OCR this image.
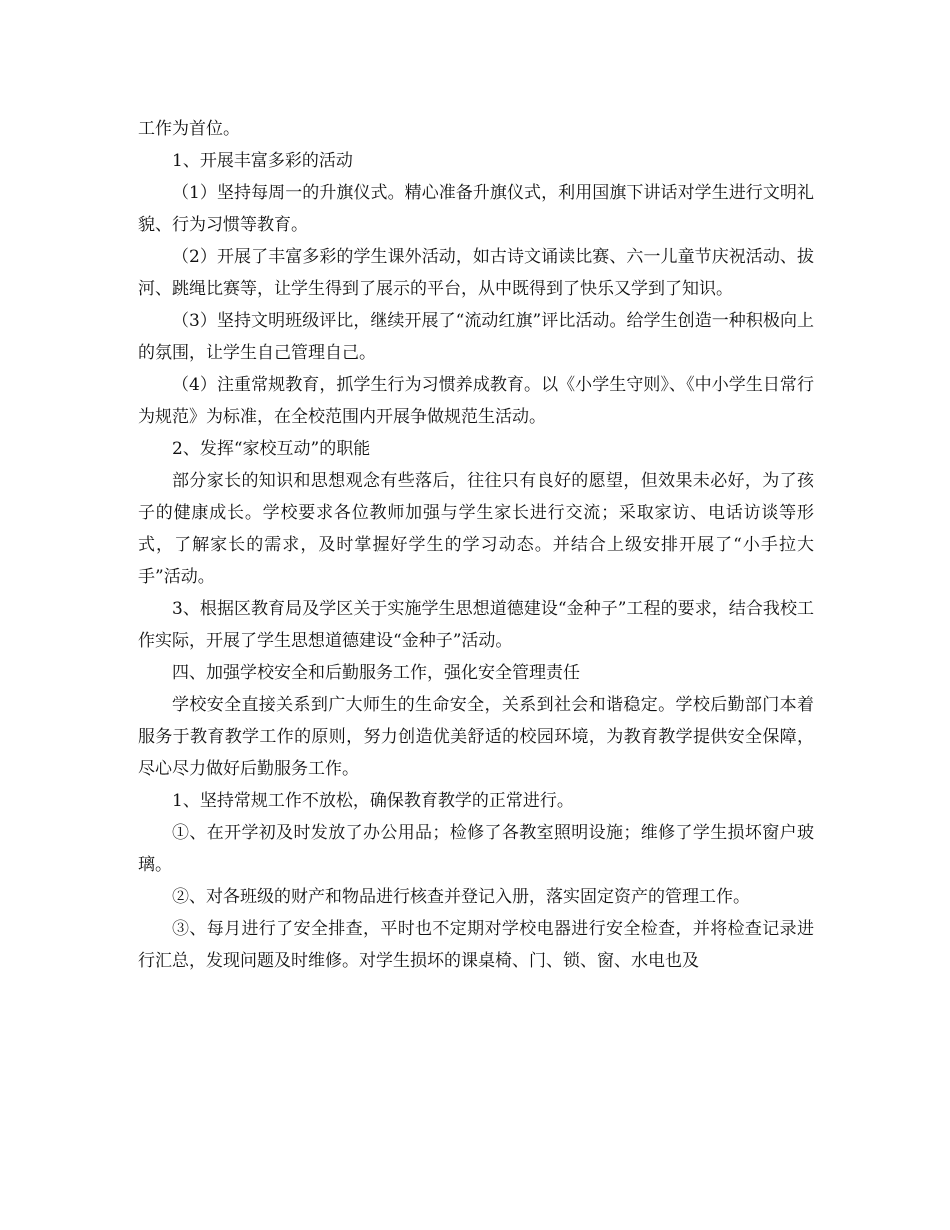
工作为首位。

1、开展丰富多彩的活动

（1）坚持每周一的升旗仪式。精心准备升旗仪式，利用国旗下讲话对学生进行文明礼貌、行为习惯等教育。

（2）开展了丰富多彩的学生课外活动，如古诗文诵读比赛、六一儿童节庆祝活动、拔河、跳绳比赛等，让学生得到了展示的平台，从中既得到了快乐又学到了知识。

（3）坚持文明班级评比，继续开展了“流动红旗”评比活动。给学生创造一种积极向上的氛围，让学生自己管理自己。

（4）注重常规教育，抓学生行为习惯养成教育。以《小学生守则》、《中小学生日常行为规范》为标准，在全校范围内开展争做规范生活动。

2、发挥“家校互动”的职能

部分家长的知识和思想观念有些落后，往往只有良好的愿望，但效果未必好，为了孩子的健康成长。学校要求各位教师加强与学生家长进行交流；采取家访、电话访谈等形式，了解家长的需求，及时掌握好学生的学习动态。并结合上级安排开展了“小手拉大手”活动。

3、根据区教育局及学区关于实施学生思想道德建设“金种子”工程的要求，结合我校工作实际，开展了学生思想道德建设“金种子”活动。

四、加强学校安全和后勤服务工作，强化安全管理责任

学校安全直接关系到广大师生的生命安全，关系到社会和谐稳定。学校后勤部门本着服务于教育教学工作的原则，努力创造优美舒适的校园环境，为教育教学提供安全保障，尽心尽力做好后勤服务工作。

1、坚持常规工作不放松，确保教育教学的正常进行。

①、在开学初及时发放了办公用品；检修了各教室照明设施；维修了学生损坏窗户玻璃。

②、对各班级的财产和物品进行核查并登记入册，落实固定资产的管理工作。

③、每月进行了安全排查，平时也不定期对学校电器进行安全检查，并将检查记录进行汇总，发现问题及时维修。对学生损坏的课桌椅、门、锁、窗、水电也及
